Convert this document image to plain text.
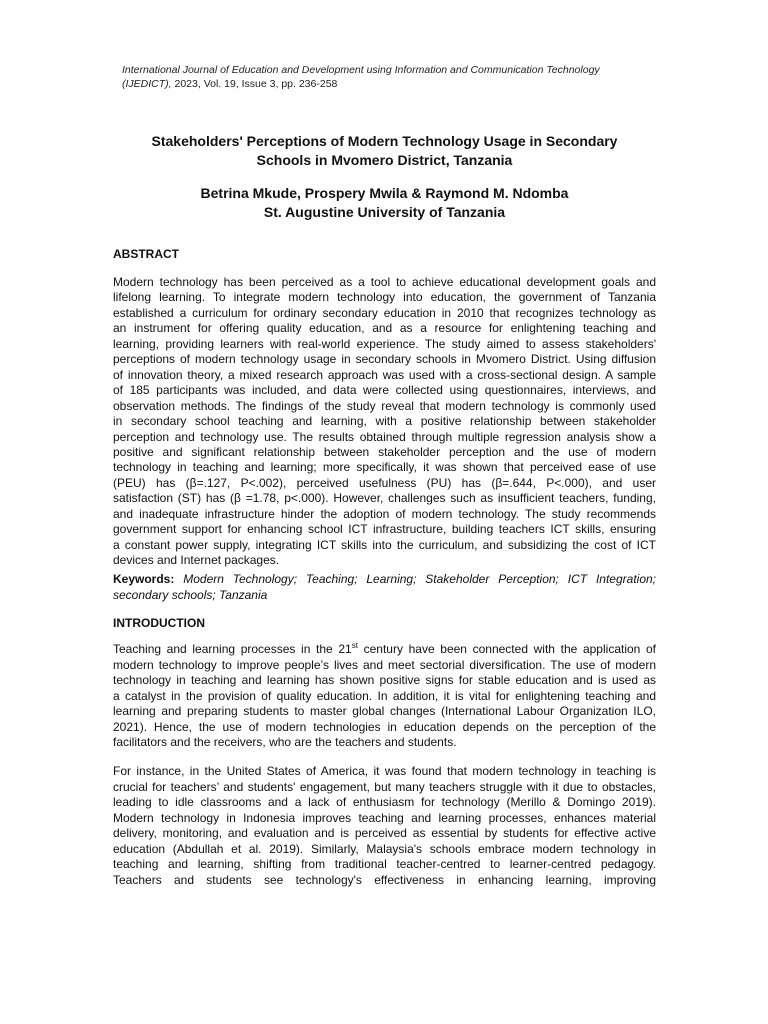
International Journal of Education and Development using Information and Communication Technology
(IJEDICT), 2023, Vol. 19, Issue 3, pp. 236-258
Stakeholders' Perceptions of Modern Technology Usage in Secondary
Schools in Mvomero District, Tanzania
Betrina Mkude, Prospery Mwila & Raymond M. Ndomba
St. Augustine University of Tanzania
ABSTRACT
Modern technology has been perceived as a tool to achieve educational development goals and
lifelong learning. To integrate modern technology into education, the government of Tanzania
established a curriculum for ordinary secondary education in 2010 that recognizes technology as
an instrument for offering quality education, and as a resource for enlightening teaching and
learning, providing learners with real-world experience. The study aimed to assess stakeholders'
perceptions of modern technology usage in secondary schools in Mvomero District. Using diffusion
of innovation theory, a mixed research approach was used with a cross-sectional design. A sample
of 185 participants was included, and data were collected using questionnaires, interviews, and
observation methods. The findings of the study reveal that modern technology is commonly used
in secondary school teaching and learning, with a positive relationship between stakeholder
perception and technology use. The results obtained through multiple regression analysis show a
positive and significant relationship between stakeholder perception and the use of modern
technology in teaching and learning; more specifically, it was shown that perceived ease of use
(PEU) has (β=.127, P<.002), perceived usefulness (PU) has (β=.644, P<.000), and user
satisfaction (ST) has (β =1.78, p<.000). However, challenges such as insufficient teachers, funding,
and inadequate infrastructure hinder the adoption of modern technology. The study recommends
government support for enhancing school ICT infrastructure, building teachers ICT skills, ensuring
a constant power supply, integrating ICT skills into the curriculum, and subsidizing the cost of ICT
devices and Internet packages.
Keywords: Modern Technology; Teaching; Learning; Stakeholder Perception; ICT Integration;
secondary schools; Tanzania
INTRODUCTION
Teaching and learning processes in the 21st century have been connected with the application of
modern technology to improve people’s lives and meet sectorial diversification. The use of modern
technology in teaching and learning has shown positive signs for stable education and is used as
a catalyst in the provision of quality education. In addition, it is vital for enlightening teaching and
learning and preparing students to master global changes (International Labour Organization ILO,
2021). Hence, the use of modern technologies in education depends on the perception of the
facilitators and the receivers, who are the teachers and students.
For instance, in the United States of America, it was found that modern technology in teaching is
crucial for teachers’ and students' engagement, but many teachers struggle with it due to obstacles,
leading to idle classrooms and a lack of enthusiasm for technology (Merillo & Domingo 2019).
Modern technology in Indonesia improves teaching and learning processes, enhances material
delivery, monitoring, and evaluation and is perceived as essential by students for effective active
education (Abdullah et al. 2019). Similarly, Malaysia's schools embrace modern technology in
teaching and learning, shifting from traditional teacher-centred to learner-centred pedagogy.
Teachers and students see technology's effectiveness in enhancing learning, improving
